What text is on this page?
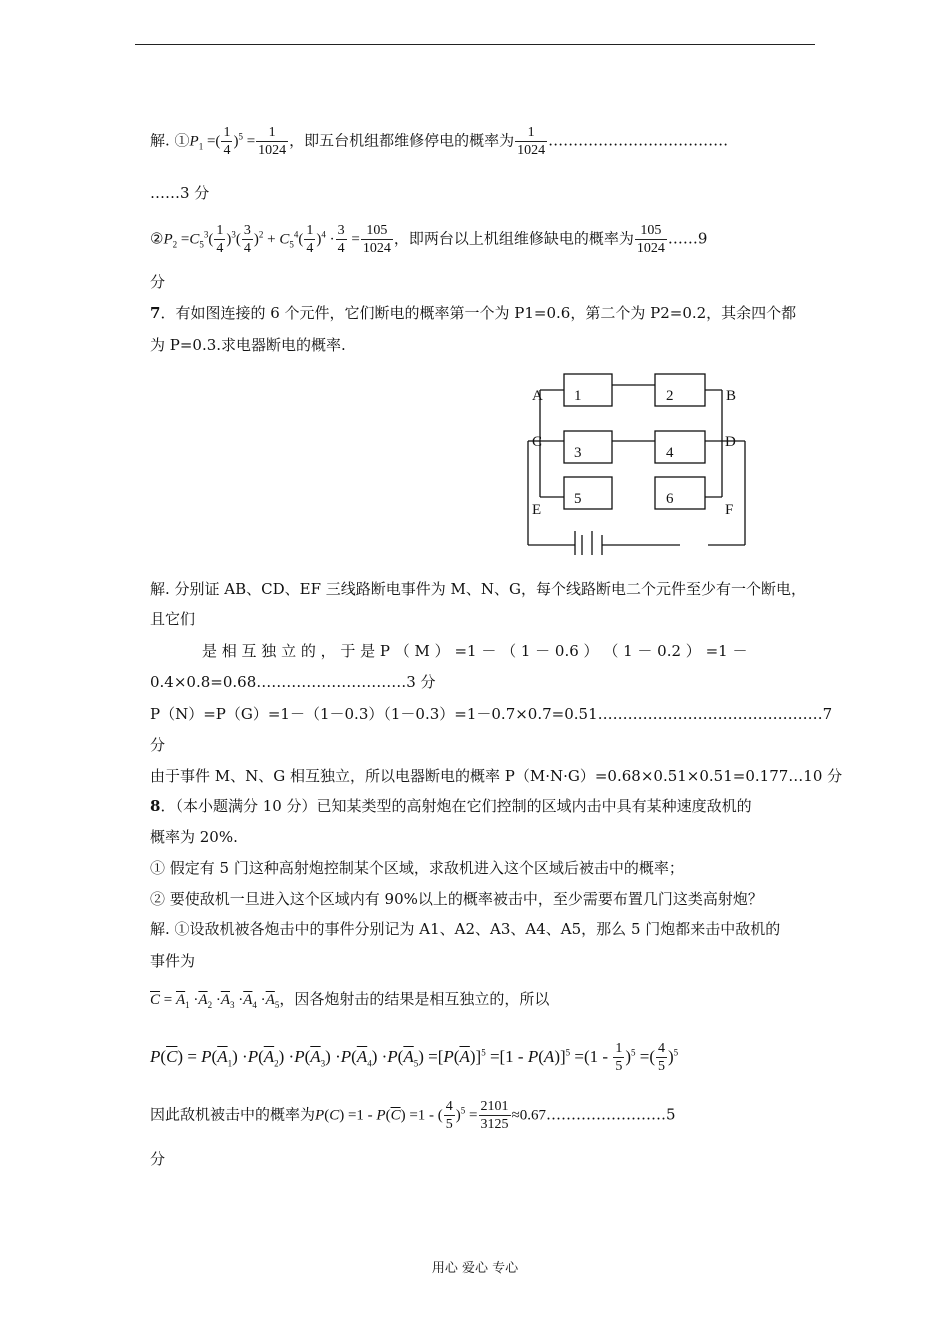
解. $①P_1$ =( $\frac{1}{4} )^5 = \frac{1}{1024}$ ，即五台机组都维修停电的概率为 $\frac{1}{1024}$ ………………………………
……3 分
$②P_2 =C_5^3( \frac{1}{4} )^3( \frac{3}{4} )^2 + C_5^4( \frac{1}{4} )^4 \cdot \frac{3}{4} = \frac{105}{1024}$ ，即两台以上机组维修缺电的概率为 $\frac{105}{1024}$ ……9
分
7．有如图连接的 6 个元件，它们断电的概率第一个为 P1=0.6，第二个为 P2=0.2，其余四个都
为 P=0.3.求电器断电的概率.
A	B
C	D
E	F
1	2
3	4
5	6
解. 分别证 AB、CD、EF 三线路断电事件为 M、N、G，每个线路断电二个元件至少有一个断电，
且它们
是 相 互 独 立 的 ， 于 是 P （ M ） =1 － （ 1 － 0.6 ） （ 1 － 0.2 ） =1 －
0.4×0.8=0.68…………………………3 分
P（N）=P（G）=1－（1－0.3）（1－0.3）=1－0.7×0.7=0.51………………………………………7
分
由于事件 M、N、G 相互独立，所以电器断电的概率 P（M·N·G）=0.68×0.51×0.51=0.177…10 分
8．（本小题满分 10 分）已知某类型的高射炮在它们控制的区域内击中具有某种速度敌机的
概率为 20%.
① 假定有 5 门这种高射炮控制某个区域，求敌机进入这个区域后被击中的概率；
② 要使敌机一旦进入这个区域内有 90%以上的概率被击中，至少需要布置几门这类高射炮？
解. ①设敌机被各炮击中的事件分别记为 A1、A2、A3、A4、A5，那么 5 门炮都来击中敌机的
事件为
$\overline{C} = \overline{A}_1 \cdot\overline{A}_2 \cdot\overline{A}_3 \cdot\overline{A}_4 \cdot\overline{A}_5$，因各炮射击的结果是相互独立的，所以
$P(\overline{C}) = P(\overline{A}_1) \cdot P(\overline{A}_2) \cdot P(\overline{A}_3) \cdot P(\overline{A}_4) \cdot P(\overline{A}_5) =[P(\overline{A})]^5 =[1 - P(A)]^5 =(1 - \frac{1}{5} )^5$ =( $\frac{4}{5} )^5$
因此敌机被击中的概率为$P(C) =1 - P(\overline{C}) =1$ - ( $\frac{4}{5} )^5 = \frac{2101}{3125}$ ≈0.67……………………5
分
用心 爱心 专心
